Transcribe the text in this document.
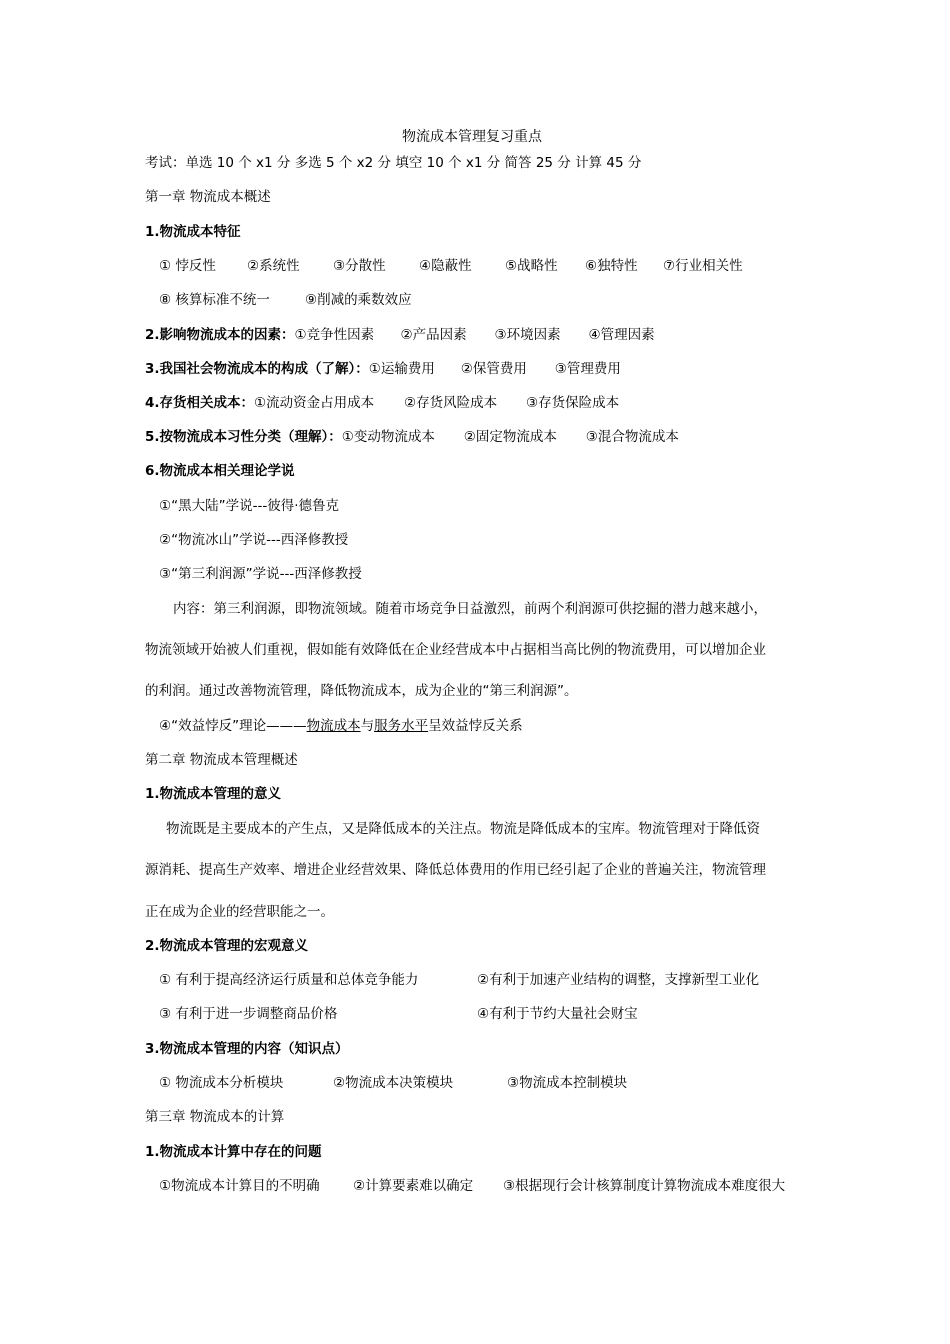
物流成本管理复习重点
考试：单选 10 个 x1 分 多选 5 个 x2 分 填空 10 个 x1 分 简答 25 分 计算 45 分
第一章 物流成本概述
1.物流成本特征
① 悖反性 ②系统性 ③分散性 ④隐蔽性 ⑤战略性 ⑥独特性 ⑦行业相关性
⑧ 核算标准不统一	⑨削减的乘数效应
2.影响物流成本的因素：①竞争性因素 ②产品因素 ③环境因素 ④管理因素
3.我国社会物流成本的构成（了解）：①运输费用 ②保管费用 ③管理费用
4.存货相关成本：①流动资金占用成本 ②存货风险成本 ③存货保险成本
5.按物流成本习性分类（理解）：①变动物流成本 ②固定物流成本 ③混合物流成本
6.物流成本相关理论学说
①“黑大陆”学说---彼得·德鲁克
②“物流冰山”学说---西泽修教授
③“第三利润源”学说---西泽修教授
内容：第三利润源，即物流领域。随着市场竞争日益激烈，前两个利润源可供挖掘的潜力越来越小，
物流领域开始被人们重视，假如能有效降低在企业经营成本中占据相当高比例的物流费用，可以增加企业
的利润。通过改善物流管理，降低物流成本，成为企业的“第三利润源”。
④“效益悖反”理论———物流成本与服务水平呈效益悖反关系
第二章 物流成本管理概述
1.物流成本管理的意义
物流既是主要成本的产生点，又是降低成本的关注点。物流是降低成本的宝库。物流管理对于降低资
源消耗、提高生产效率、增进企业经营效果、降低总体费用的作用已经引起了企业的普遍关注，物流管理
正在成为企业的经营职能之一。
2.物流成本管理的宏观意义
① 有利于提高经济运行质量和总体竞争能力	②有利于加速产业结构的调整，支撑新型工业化
③ 有利于进一步调整商品价格	④有利于节约大量社会财宝
3.物流成本管理的内容（知识点）
① 物流成本分析模块	②物流成本决策模块	③物流成本控制模块
第三章 物流成本的计算
1.物流成本计算中存在的问题
①物流成本计算目的不明确 ②计算要素难以确定 ③根据现行会计核算制度计算物流成本难度很大
